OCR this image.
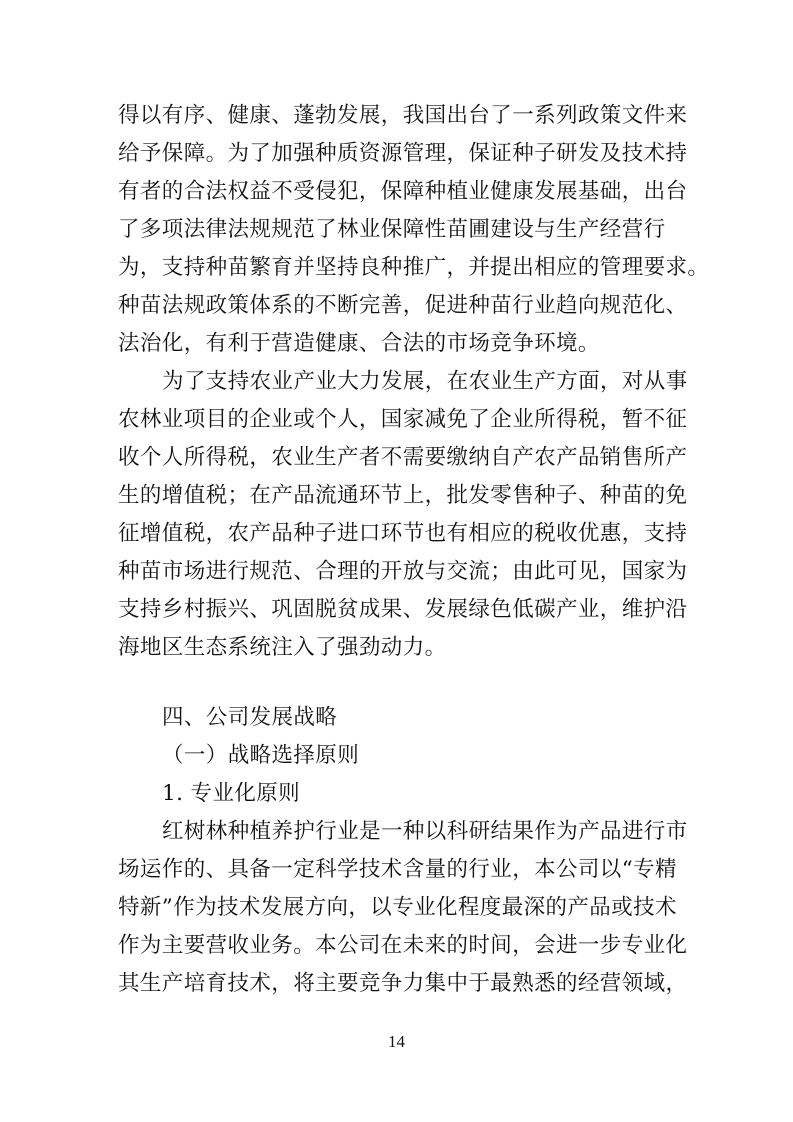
得以有序、健康、蓬勃发展，我国出台了一系列政策文件来
给予保障。为了加强种质资源管理，保证种子研发及技术持
有者的合法权益不受侵犯，保障种植业健康发展基础，出台
了多项法律法规规范了林业保障性苗圃建设与生产经营行
为，支持种苗繁育并坚持良种推广，并提出相应的管理要求。
种苗法规政策体系的不断完善，促进种苗行业趋向规范化、
法治化，有利于营造健康、合法的市场竞争环境。
为了支持农业产业大力发展，在农业生产方面，对从事
农林业项目的企业或个人，国家减免了企业所得税，暂不征
收个人所得税，农业生产者不需要缴纳自产农产品销售所产
生的增值税；在产品流通环节上，批发零售种子、种苗的免
征增值税，农产品种子进口环节也有相应的税收优惠，支持
种苗市场进行规范、合理的开放与交流；由此可见，国家为
支持乡村振兴、巩固脱贫成果、发展绿色低碳产业，维护沿
海地区生态系统注入了强劲动力。
四、公司发展战略
（一）战略选择原则
1. 专业化原则
红树林种植养护行业是一种以科研结果作为产品进行市
场运作的、具备一定科学技术含量的行业，本公司以“专精
特新”作为技术发展方向，以专业化程度最深的产品或技术
作为主要营收业务。本公司在未来的时间，会进一步专业化
其生产培育技术，将主要竞争力集中于最熟悉的经营领域，
14
